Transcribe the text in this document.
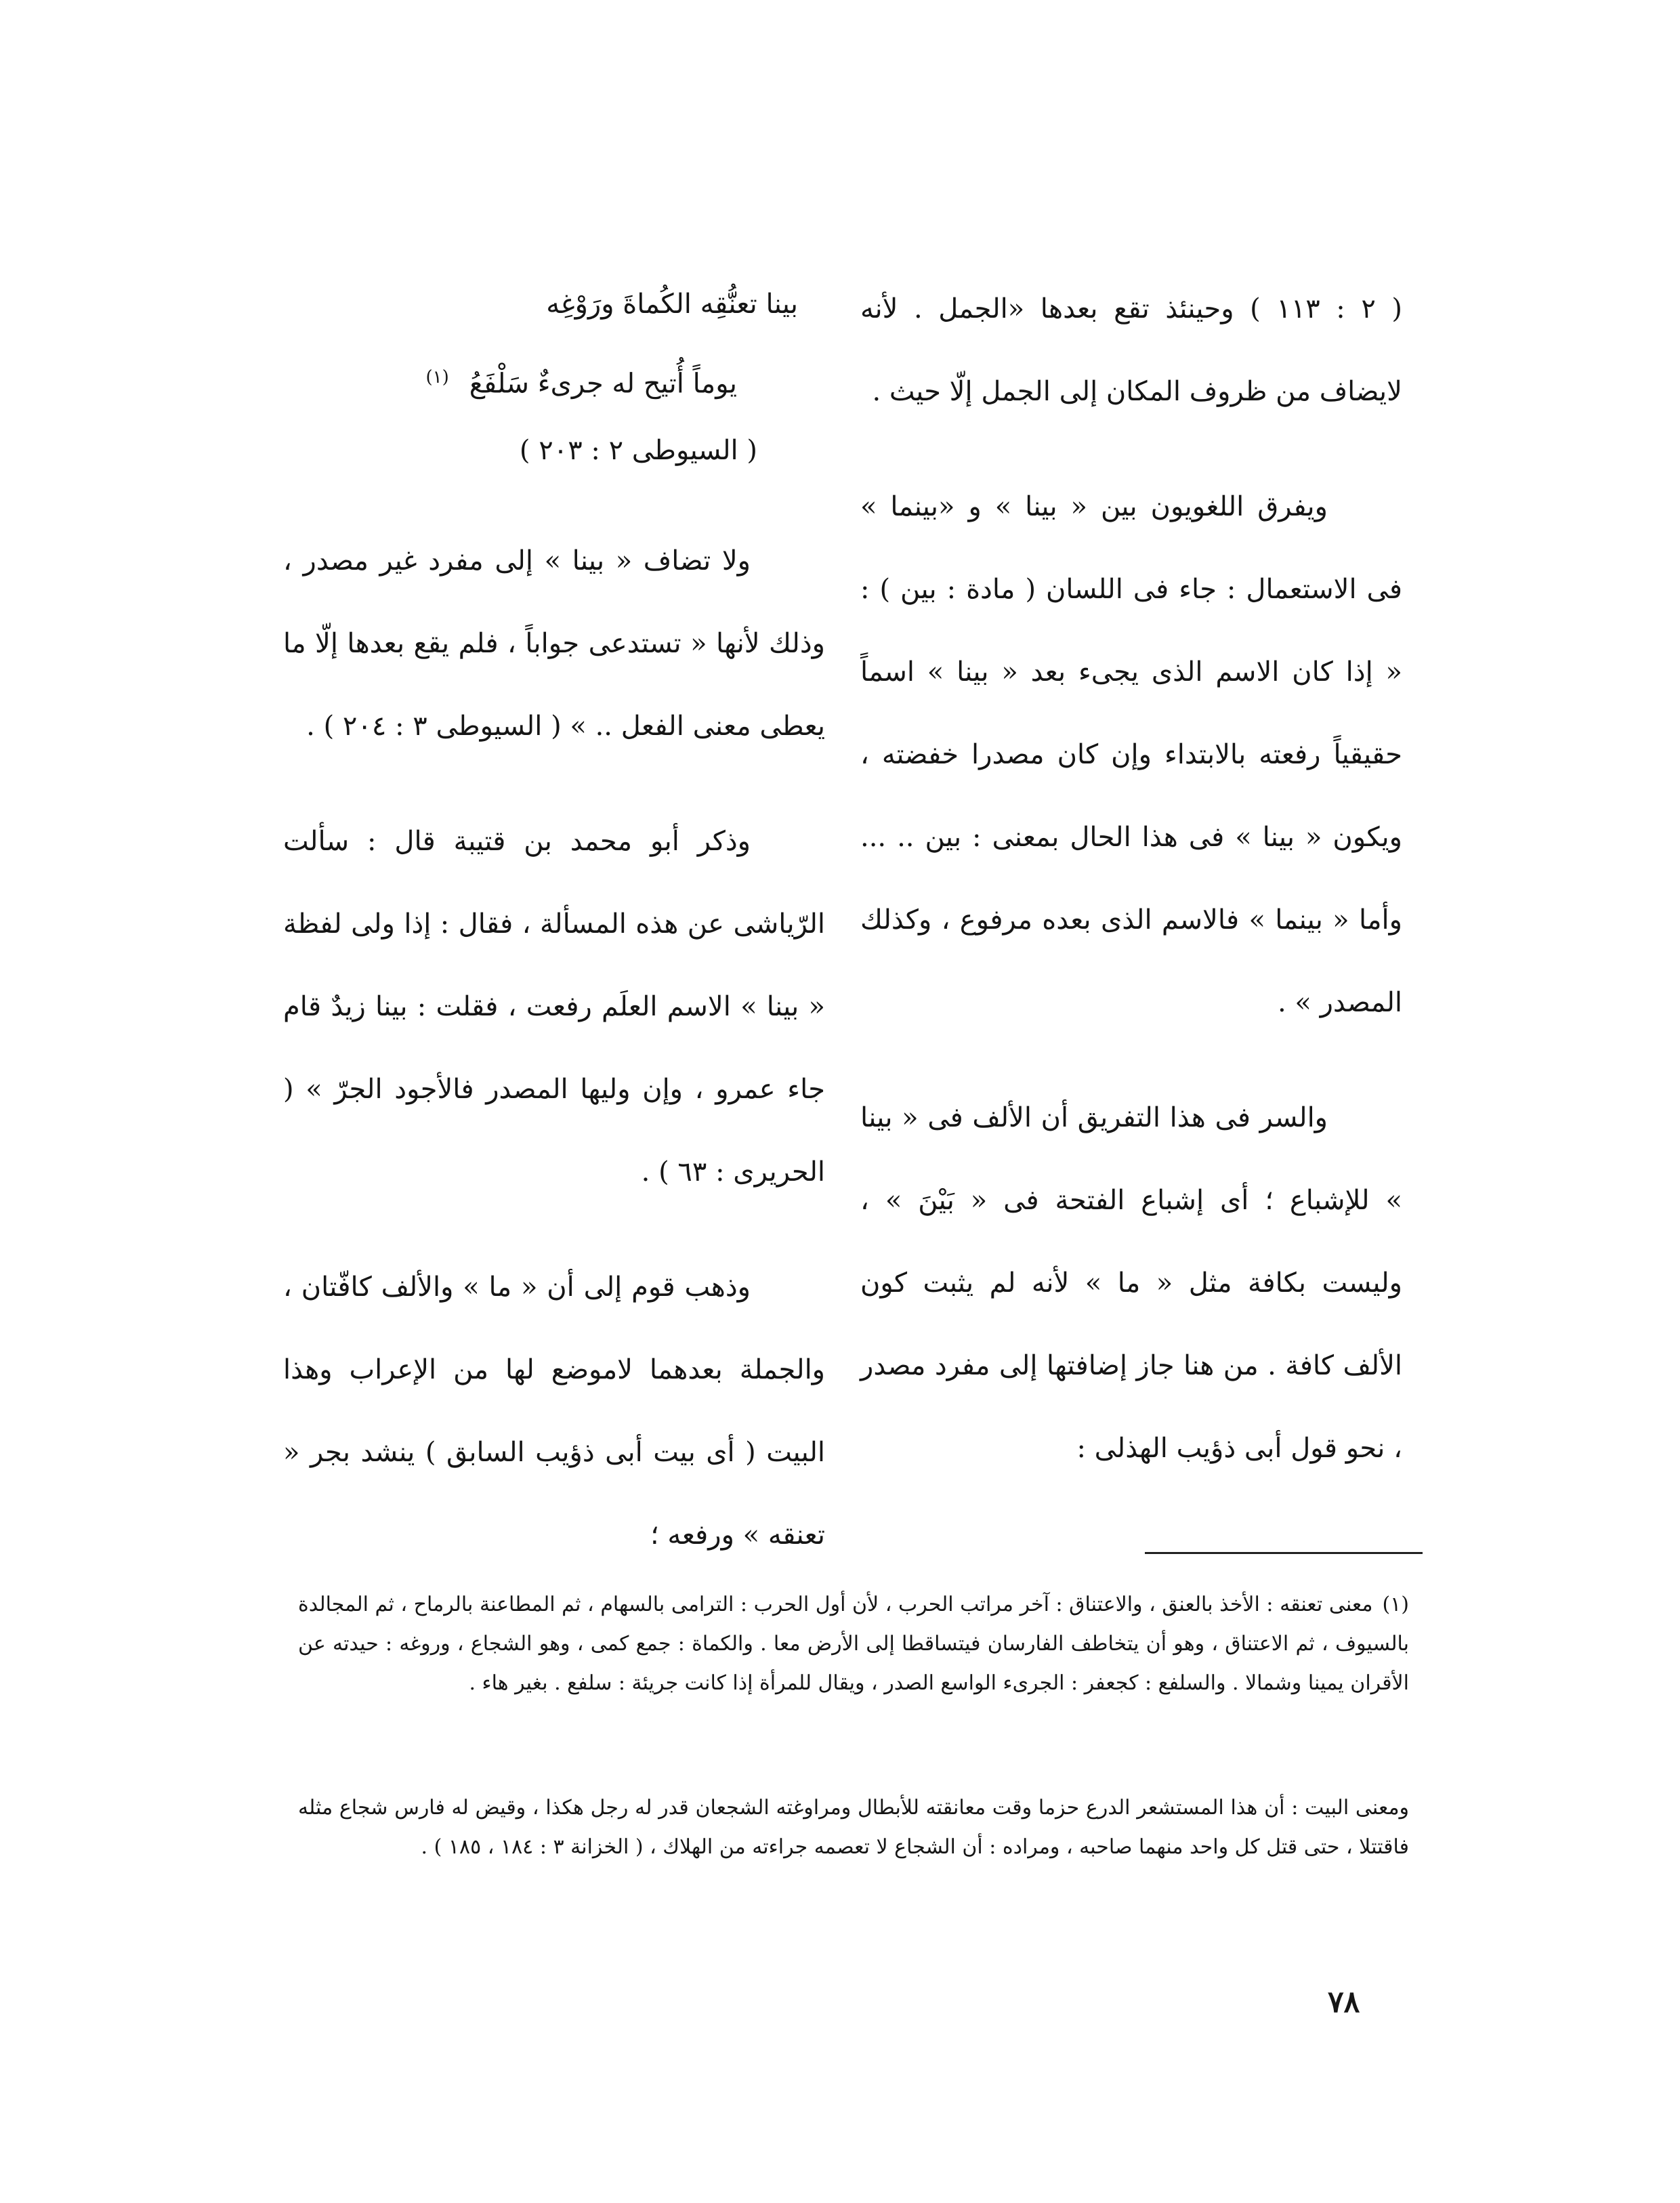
( ٢ : ١١٣ ) وحينئذ تقع بعدها «الجمل . لأنه لايضاف من ظروف المكان إلى الجمل إلّا حيث .

ويفرق اللغويون بين « بينا » و «بينما » فى الاستعمال : جاء فى اللسان ( مادة : بين ) : « إذا كان الاسم الذى يجىء بعد « بينا » اسماً حقيقياً رفعته بالابتداء وإن كان مصدرا خفضته ، ويكون « بينا » فى هذا الحال بمعنى : بين .. ... وأما « بينما » فالاسم الذى بعده مرفوع ، وكذلك المصدر » .

والسر فى هذا التفريق أن الألف فى « بينا » للإشباع ؛ أى إشباع الفتحة فى « بَيْنَ » ، وليست بكافة مثل « ما » لأنه لم يثبت كون الألف كافة . من هنا جاز إضافتها إلى مفرد مصدر ، نحو قول أبى ذؤيب الهذلى :

بينا تعنُّقِه الكُماةَ ورَوْغِه
يوماً أُتيح له جرىءٌ سَلْفَعُ$^{(١)}$
( السيوطى ٢ : ٢٠٣ )

ولا تضاف « بينا » إلى مفرد غير مصدر ، وذلك لأنها « تستدعى جواباً ، فلم يقع بعدها إلّا ما يعطى معنى الفعل .. » ( السيوطى ٣ : ٢٠٤ ) .

وذكر أبو محمد بن قتيبة قال : سألت الرّياشى عن هذه المسألة ، فقال : إذا ولى لفظة « بينا » الاسم العلَم رفعت ، فقلت : بينا زيدٌ قام جاء عمرو ، وإن وليها المصدر فالأجود الجرّ » ( الحريرى : ٦٣ ) .

وذهب قوم إلى أن « ما » والألف كافّتان ، والجملة بعدهما لاموضع لها من الإعراب وهذا البيت ( أى بيت أبى ذؤيب السابق ) ينشد بجر « تعنقه » ورفعه ؛

(١)معنى تعنقه : الأخذ بالعنق ، والاعتناق : آخر مراتب الحرب ، لأن أول الحرب : الترامى بالسهام ، ثم المطاعنة بالرماح ، ثم المجالدة بالسيوف ، ثم الاعتناق ، وهو أن يتخاطف الفارسان فيتساقطا إلى الأرض معا . والكماة : جمع كمى ، وهو الشجاع ، وروغه : حيدته عن الأقران يمينا وشمالا . والسلفع : كجعفر : الجرىء الواسع الصدر ، ويقال للمرأة إذا كانت جريئة : سلفع . بغير هاء .

ومعنى البيت : أن هذا المستشعر الدرع حزما وقت معانقته للأبطال ومراوغته الشجعان قدر له رجل هكذا ، وقيض له فارس شجاع مثله فاقتتلا ، حتى قتل كل واحد منهما صاحبه ، ومراده : أن الشجاع لا تعصمه جراءته من الهلاك ، ( الخزانة ٣ : ١٨٤ ، ١٨٥ ) .

٧٨
